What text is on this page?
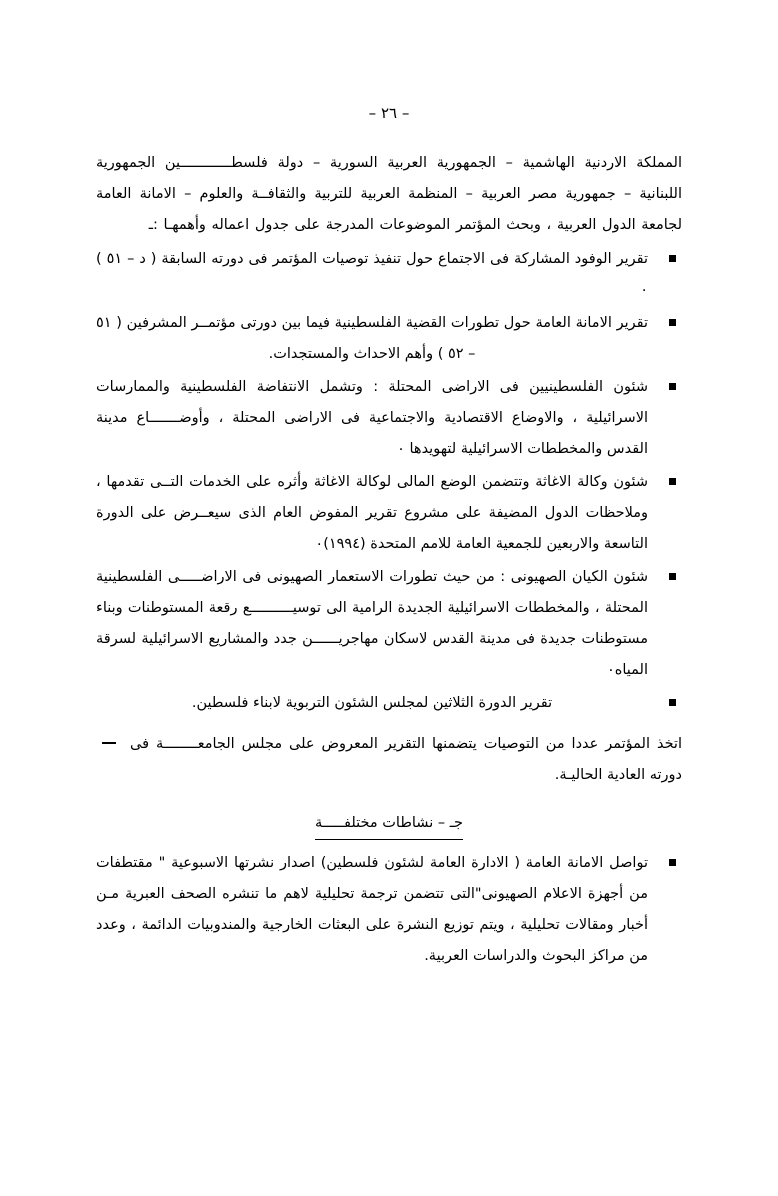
– ٢٦ –

المملكة الاردنية الهاشمية – الجمهورية العربية السورية – دولة فلسطــــــــــــين الجمهورية اللبنانية – جمهورية مصر العربية – المنظمة العربية للتربية والثقافــة والعلوم – الامانة العامة لجامعة الدول العربية ، وبحث المؤتمر الموضوعات المدرجة على جدول اعماله وأهمهـا :ـ

تقرير الوفود المشاركة فى الاجتماع حول تنفيذ توصيات المؤتمر فى دورته السابقة ( د – ٥١ ) ٠
تقرير الامانة العامة حول تطورات القضية الفلسطينية فيما بين دورتى مؤتمــر المشرفين ( ٥١ – ٥٢ ) وأهم الاحداث والمستجدات.
شئون الفلسطينيين فى الاراضى المحتلة : وتشمل الانتفاضة الفلسطينية والممارسات الاسرائيلية ، والاوضاع الاقتصادية والاجتماعية فى الاراضى المحتلة ، وأوضـــــــاع مدينة القدس والمخططات الاسرائيلية لتهويدها ٠
شئون وكالة الاغاثة وتتضمن الوضع المالى لوكالة الاغاثة وأثره على الخدمات التــى تقدمها ، وملاحظات الدول المضيفة على مشروع تقرير المفوض العام الذى سيعــرض على الدورة التاسعة والاربعين للجمعية العامة للامم المتحدة (١٩٩٤)٠
شئون الكيان الصهيونى : من حيث تطورات الاستعمار الصهيونى فى الاراضـــــى الفلسطينية المحتلة ، والمخططات الاسرائيلية الجديدة الرامية الى توسيــــــــــع رقعة المستوطنات وبناء مستوطنات جديدة فى مدينة القدس لاسكان مهاجريــــــن جدد والمشاريع الاسرائيلية لسرقة المياه٠
تقرير الدورة الثلاثين لمجلس الشئون التربوية لابناء فلسطين.
اتخذ المؤتمر عددا من التوصيات يتضمنها التقرير المعروض على مجلس الجامعــــــــة فى دورته العادية الحاليـة.
جـ – نشاطات مختلفـــــة
تواصل الامانة العامة ( الادارة العامة لشئون فلسطين) اصدار نشرتها الاسبوعية " مقتطفات من أجهزة الاعلام الصهيونى"التى تتضمن ترجمة تحليلية لاهم ما تنشره الصحف العبرية مـن أخبار ومقالات تحليلية ، ويتم توزيع النشرة على البعثات الخارجية والمندوبيات الدائمة ، وعدد من مراكز البحوث والدراسات العربية.
